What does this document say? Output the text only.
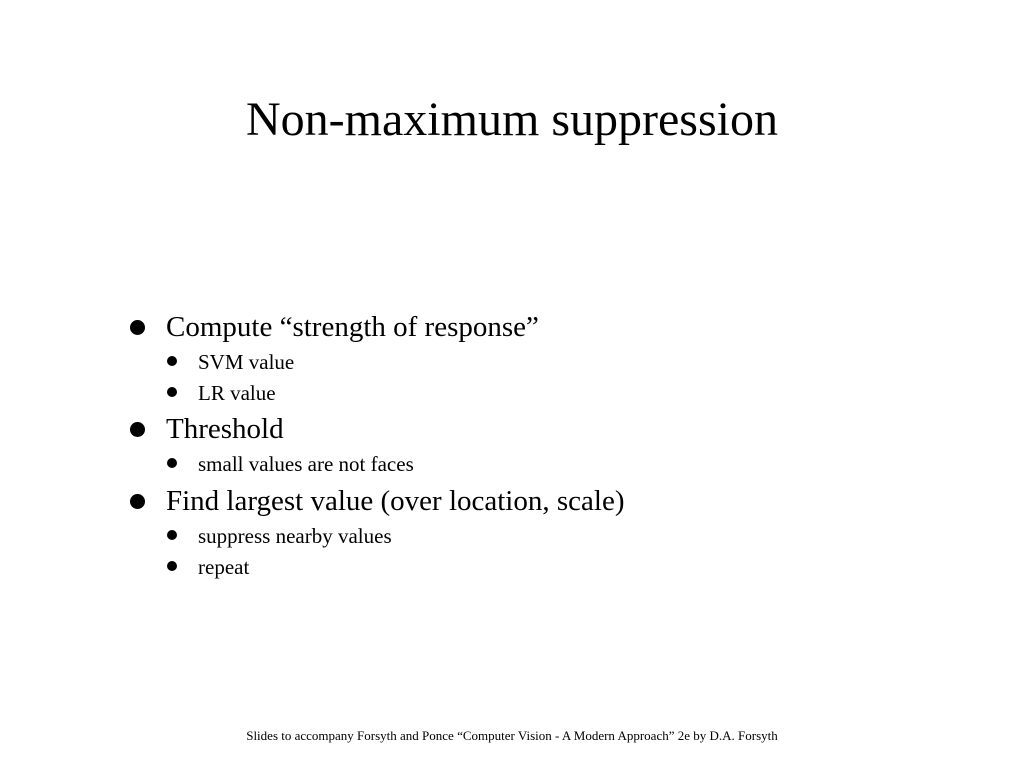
Non-maximum suppression
Compute “strength of response”
SVM value
LR value
Threshold
small values are not faces
Find largest value (over location, scale)
suppress nearby values
repeat
Slides to accompany Forsyth and Ponce “Computer Vision - A Modern Approach” 2e by D.A. Forsyth
